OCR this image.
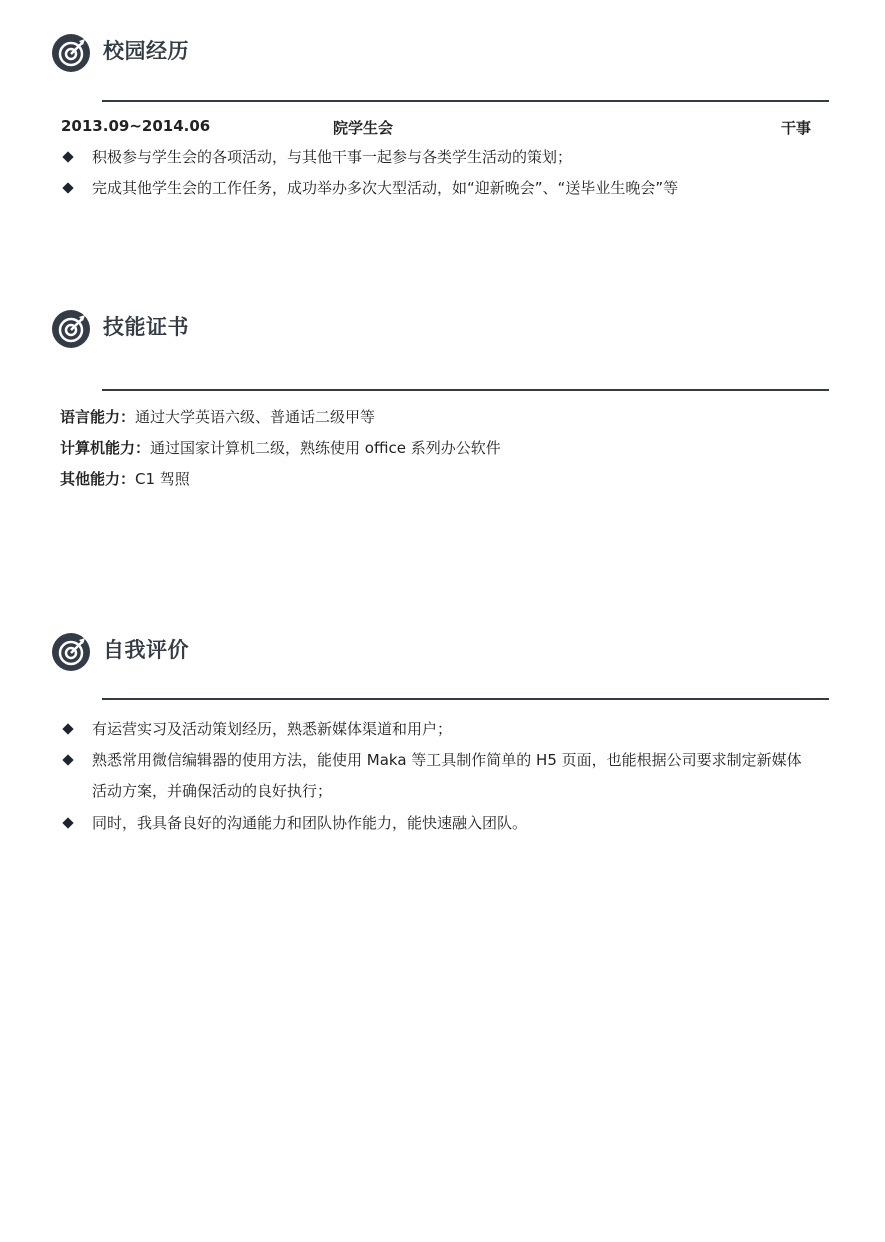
校园经历
2013.09~2014.06	院学生会	干事
积极参与学生会的各项活动，与其他干事一起参与各类学生活动的策划；
完成其他学生会的工作任务，成功举办多次大型活动，如“迎新晚会”、“送毕业生晚会”等
技能证书
语言能力：通过大学英语六级、普通话二级甲等
计算机能力：通过国家计算机二级，熟练使用 office 系列办公软件
其他能力：C1 驾照
自我评价
有运营实习及活动策划经历，熟悉新媒体渠道和用户；
熟悉常用微信编辑器的使用方法，能使用 Maka 等工具制作简单的 H5 页面，也能根据公司要求制定新媒体
活动方案，并确保活动的良好执行；
同时，我具备良好的沟通能力和团队协作能力，能快速融入团队。
